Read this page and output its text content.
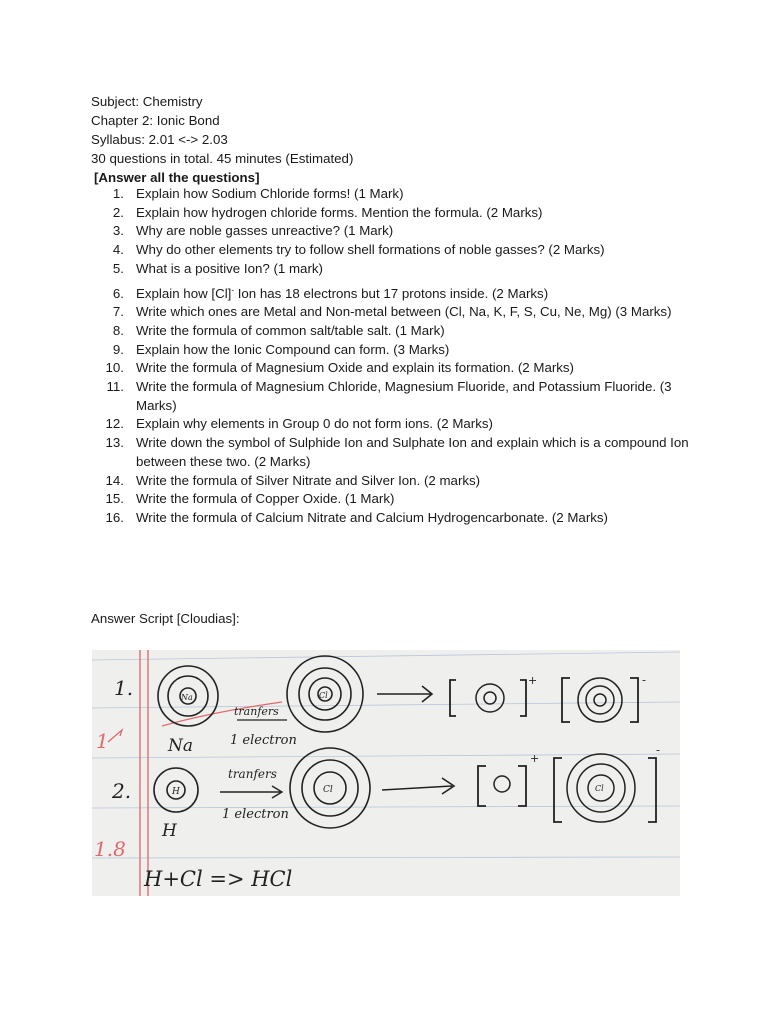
Subject: Chemistry
Chapter 2: Ionic Bond
Syllabus: 2.01 <-> 2.03
30 questions in total. 45 minutes (Estimated)
[Answer all the questions]
1. Explain how Sodium Chloride forms! (1 Mark)
2. Explain how hydrogen chloride forms. Mention the formula. (2 Marks)
3. Why are noble gasses unreactive? (1 Mark)
4. Why do other elements try to follow shell formations of noble gasses? (2 Marks)
5. What is a positive Ion? (1 mark)
6. Explain how [Cl]- Ion has 18 electrons but 17 protons inside. (2 Marks)
7. Write which ones are Metal and Non-metal between (Cl, Na, K, F, S, Cu, Ne, Mg) (3 Marks)
8. Write the formula of common salt/table salt. (1 Mark)
9. Explain how the Ionic Compound can form. (3 Marks)
10. Write the formula of Magnesium Oxide and explain its formation. (2 Marks)
11. Write the formula of Magnesium Chloride, Magnesium Fluoride, and Potassium Fluoride. (3 Marks)
12. Explain why elements in Group 0 do not form ions. (2 Marks)
13. Write down the symbol of Sulphide Ion and Sulphate Ion and explain which is a compound Ion between these two. (2 Marks)
14. Write the formula of Silver Nitrate and Silver Ion. (2 marks)
15. Write the formula of Copper Oxide. (1 Mark)
16. Write the formula of Calcium Nitrate and Calcium Hydrogencarbonate. (2 Marks)
Answer Script [Cloudias]:
1
1.8
1.	Na
Na
tranfers
1 electron
Cl
+	-
2.	H
H
tranfers
1 electron
Cl
+
Cl
-
H+Cl => HCl
